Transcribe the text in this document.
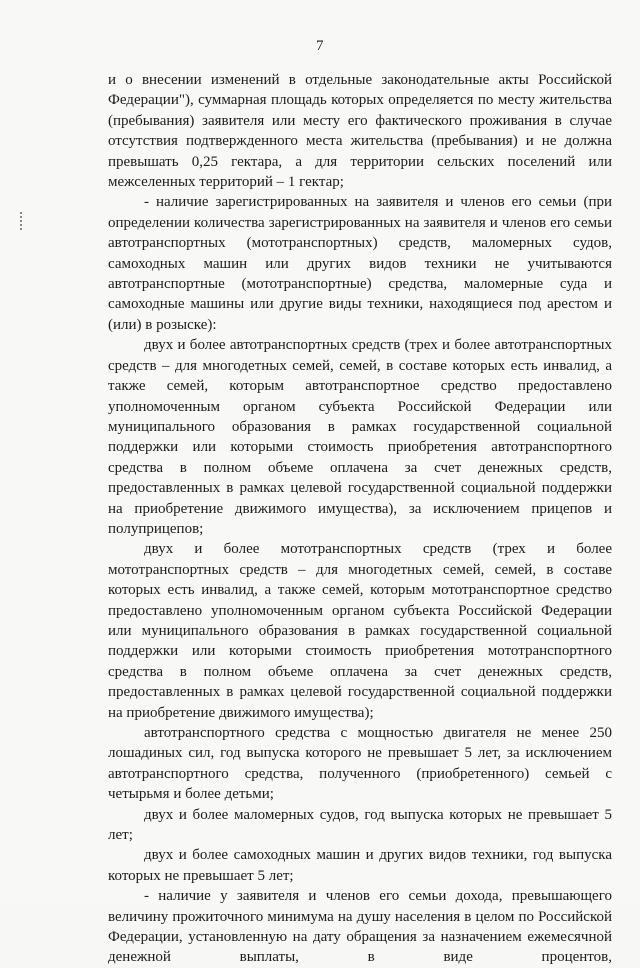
7

и о внесении изменений в отдельные законодательные акты Российской Федерации"), суммарная площадь которых определяется по месту жительства (пребывания) заявителя или месту его фактического проживания в случае отсутствия подтвержденного места жительства (пребывания) и не должна превышать 0,25 гектара, а для территории сельских поселений или межселенных территорий – 1 гектар;

- наличие зарегистрированных на заявителя и членов его семьи (при определении количества зарегистрированных на заявителя и членов его семьи автотранспортных (мототранспортных) средств, маломерных судов, самоходных машин или других видов техники не учитываются автотранспортные (мототранспортные) средства, маломерные суда и самоходные машины или другие виды техники, находящиеся под арестом и (или) в розыске):

двух и более автотранспортных средств (трех и более автотранспортных средств – для многодетных семей, семей, в составе которых есть инвалид, а также семей, которым автотранспортное средство предоставлено уполномоченным органом субъекта Российской Федерации или муниципального образования в рамках государственной социальной поддержки или которыми стоимость приобретения автотранспортного средства в полном объеме оплачена за счет денежных средств, предоставленных в рамках целевой государственной социальной поддержки на приобретение движимого имущества), за исключением прицепов и полуприцепов;

двух и более мототранспортных средств (трех и более мототранспортных средств – для многодетных семей, семей, в составе которых есть инвалид, а также семей, которым мототранспортное средство предоставлено уполномоченным органом субъекта Российской Федерации или муниципального образования в рамках государственной социальной поддержки или которыми стоимость приобретения мототранспортного средства в полном объеме оплачена за счет денежных средств, предоставленных в рамках целевой государственной социальной поддержки на приобретение движимого имущества);

автотранспортного средства с мощностью двигателя не менее 250 лошадиных сил, год выпуска которого не превышает 5 лет, за исключением автотранспортного средства, полученного (приобретенного) семьей с четырьмя и более детьми;

двух и более маломерных судов, год выпуска которых не превышает 5 лет;

двух и более самоходных машин и других видов техники, год выпуска которых не превышает 5 лет;

- наличие у заявителя и членов его семьи дохода, превышающего величину прожиточного минимума на душу населения в целом по Российской Федерации, установленную на дату обращения за назначением ежемесячной денежной выплаты, в виде процентов,
